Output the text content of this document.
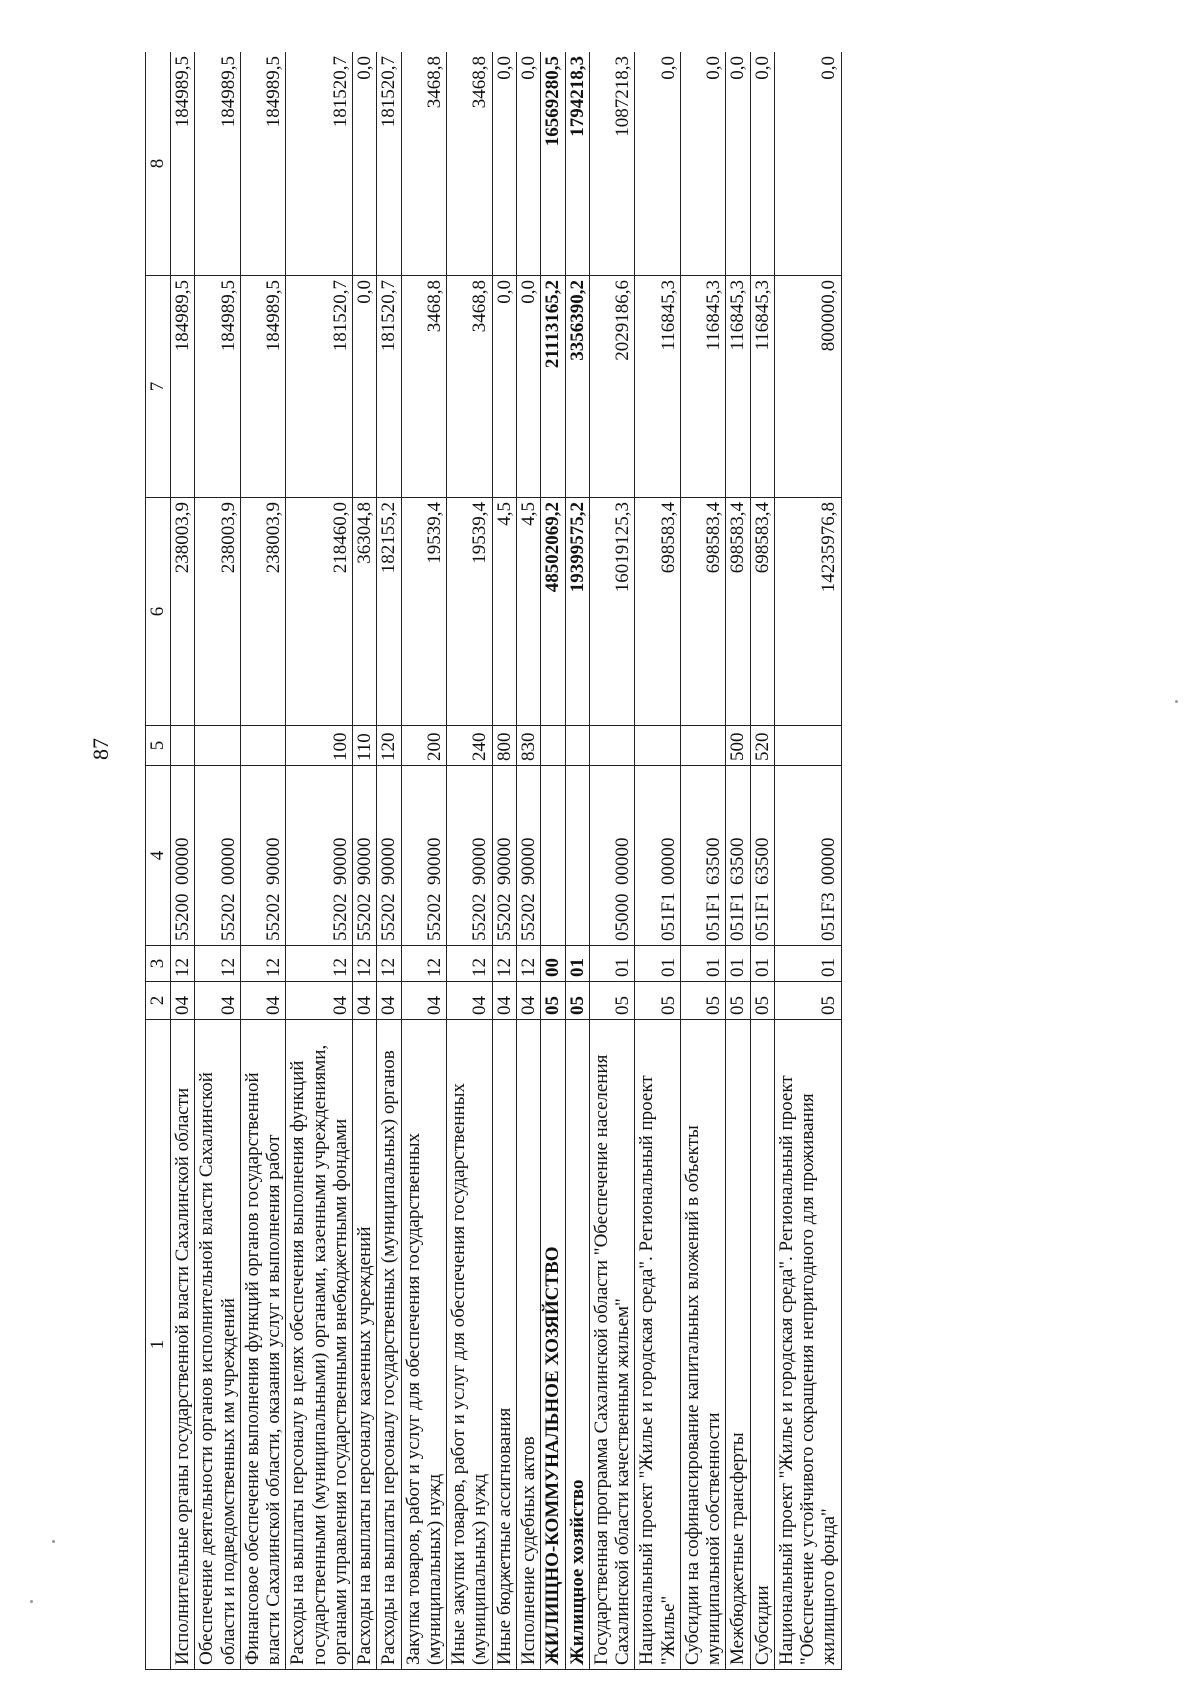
87
1	2	3	4	5	6	7	8
Исполнительные органы государственной власти Сахалинской области	04	12	5520000000		238003,9	184989,5	184989,5
Обеспечение деятельности органов исполнительной власти Сахалинской области и подведомственных им учреждений	04	12	5520200000		238003,9	184989,5	184989,5
Финансовое обеспечение выполнения функций органов государственной власти Сахалинской области, оказания услуг и выполнения работ	04	12	5520290000		238003,9	184989,5	184989,5
Расходы на выплаты персоналу в целях обеспечения выполнения функций государственными (муниципальными) органами, казенными учреждениями, органами управления государственными внебюджетными фондами	04	12	5520290000	100	218460,0	181520,7	181520,7
Расходы на выплаты персоналу казенных учреждений	04	12	5520290000	110	36304,8	0,0	0,0
Расходы на выплаты персоналу государственных (муниципальных) органов	04	12	5520290000	120	182155,2	181520,7	181520,7
Закупка товаров, работ и услуг для обеспечения государственных (муниципальных) нужд	04	12	5520290000	200	19539,4	3468,8	3468,8
Иные закупки товаров, работ и услуг для обеспечения государственных (муниципальных) нужд	04	12	5520290000	240	19539,4	3468,8	3468,8
Иные бюджетные ассигнования	04	12	5520290000	800	4,5	0,0	0,0
Исполнение судебных актов	04	12	5520290000	830	4,5	0,0	0,0
ЖИЛИЩНО-КОММУНАЛЬНОЕ ХОЗЯЙСТВО	05	00			48502069,2	21113165,2	16569280,5
Жилищное хозяйство	05	01			19399575,2	3356390,2	1794218,3
Государственная программа Сахалинской области "Обеспечение населения Сахалинской области качественным жильем"	05	01	0500000000		16019125,3	2029186,6	1087218,3
Национальный проект "Жилье и городская среда". Региональный проект "Жилье"	05	01	051F100000		698583,4	116845,3	0,0
Субсидии на софинансирование капитальных вложений в объекты муниципальной собственности	05	01	051F163500		698583,4	116845,3	0,0
Межбюджетные трансферты	05	01	051F163500	500	698583,4	116845,3	0,0
Субсидии	05	01	051F163500	520	698583,4	116845,3	0,0
Национальный проект "Жилье и городская среда". Региональный проект "Обеспечение устойчивого сокращения непригодного для проживания жилищного фонда"	05	01	051F300000		14235976,8	800000,0	0,0
